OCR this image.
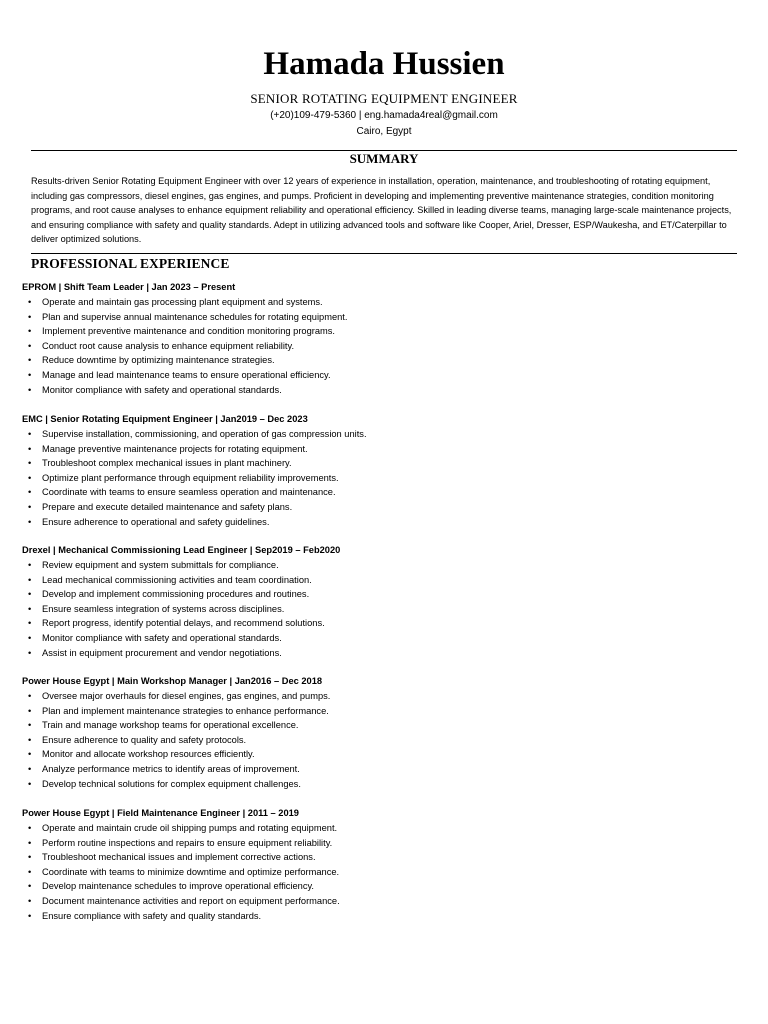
Hamada Hussien
SENIOR ROTATING EQUIPMENT ENGINEER
(+20)109-479-5360 | eng.hamada4real@gmail.com
Cairo, Egypt
SUMMARY
Results-driven Senior Rotating Equipment Engineer with over 12 years of experience in installation, operation, maintenance, and troubleshooting of rotating equipment, including gas compressors, diesel engines, gas engines, and pumps. Proficient in developing and implementing preventive maintenance strategies, condition monitoring programs, and root cause analyses to enhance equipment reliability and operational efficiency. Skilled in leading diverse teams, managing large-scale maintenance projects, and ensuring compliance with safety and quality standards. Adept in utilizing advanced tools and software like Cooper, Ariel, Dresser, ESP/Waukesha, and ET/Caterpillar to deliver optimized solutions.
PROFESSIONAL EXPERIENCE
EPROM | Shift Team Leader | Jan 2023 – Present
• Operate and maintain gas processing plant equipment and systems.
• Plan and supervise annual maintenance schedules for rotating equipment.
• Implement preventive maintenance and condition monitoring programs.
• Conduct root cause analysis to enhance equipment reliability.
• Reduce downtime by optimizing maintenance strategies.
• Manage and lead maintenance teams to ensure operational efficiency.
• Monitor compliance with safety and operational standards.
EMC | Senior Rotating Equipment Engineer | Jan2019 – Dec 2023
• Supervise installation, commissioning, and operation of gas compression units.
• Manage preventive maintenance projects for rotating equipment.
• Troubleshoot complex mechanical issues in plant machinery.
• Optimize plant performance through equipment reliability improvements.
• Coordinate with teams to ensure seamless operation and maintenance.
• Prepare and execute detailed maintenance and safety plans.
• Ensure adherence to operational and safety guidelines.
Drexel | Mechanical Commissioning Lead Engineer | Sep2019 – Feb2020
• Review equipment and system submittals for compliance.
• Lead mechanical commissioning activities and team coordination.
• Develop and implement commissioning procedures and routines.
• Ensure seamless integration of systems across disciplines.
• Report progress, identify potential delays, and recommend solutions.
• Monitor compliance with safety and operational standards.
• Assist in equipment procurement and vendor negotiations.
Power House Egypt | Main Workshop Manager | Jan2016 – Dec 2018
• Oversee major overhauls for diesel engines, gas engines, and pumps.
• Plan and implement maintenance strategies to enhance performance.
• Train and manage workshop teams for operational excellence.
• Ensure adherence to quality and safety protocols.
• Monitor and allocate workshop resources efficiently.
• Analyze performance metrics to identify areas of improvement.
• Develop technical solutions for complex equipment challenges.
Power House Egypt | Field Maintenance Engineer | 2011 – 2019
• Operate and maintain crude oil shipping pumps and rotating equipment.
• Perform routine inspections and repairs to ensure equipment reliability.
• Troubleshoot mechanical issues and implement corrective actions.
• Coordinate with teams to minimize downtime and optimize performance.
• Develop maintenance schedules to improve operational efficiency.
• Document maintenance activities and report on equipment performance.
• Ensure compliance with safety and quality standards.
